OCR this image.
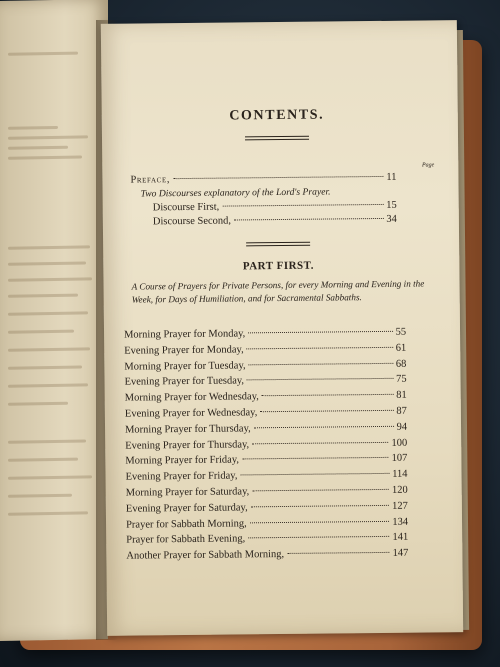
CONTENTS.
Page
Preface,	11
Two Discourses explanatory of the Lord's Prayer.
Discourse First,	15
Discourse Second,	34
PART FIRST.
A Course of Prayers for Private Persons, for every Morning and Evening in the Week, for Days of Humiliation, and for Sacramental Sabbaths.
Morning Prayer for Monday,	55
Evening Prayer for Monday,	61
Morning Prayer for Tuesday,	68
Evening Prayer for Tuesday,	75
Morning Prayer for Wednesday,	81
Evening Prayer for Wednesday,	87
Morning Prayer for Thursday,	94
Evening Prayer for Thursday,	100
Morning Prayer for Friday,	107
Evening Prayer for Friday,	114
Morning Prayer for Saturday,	120
Evening Prayer for Saturday,	127
Prayer for Sabbath Morning,	134
Prayer for Sabbath Evening,	141
Another Prayer for Sabbath Morning,	147
